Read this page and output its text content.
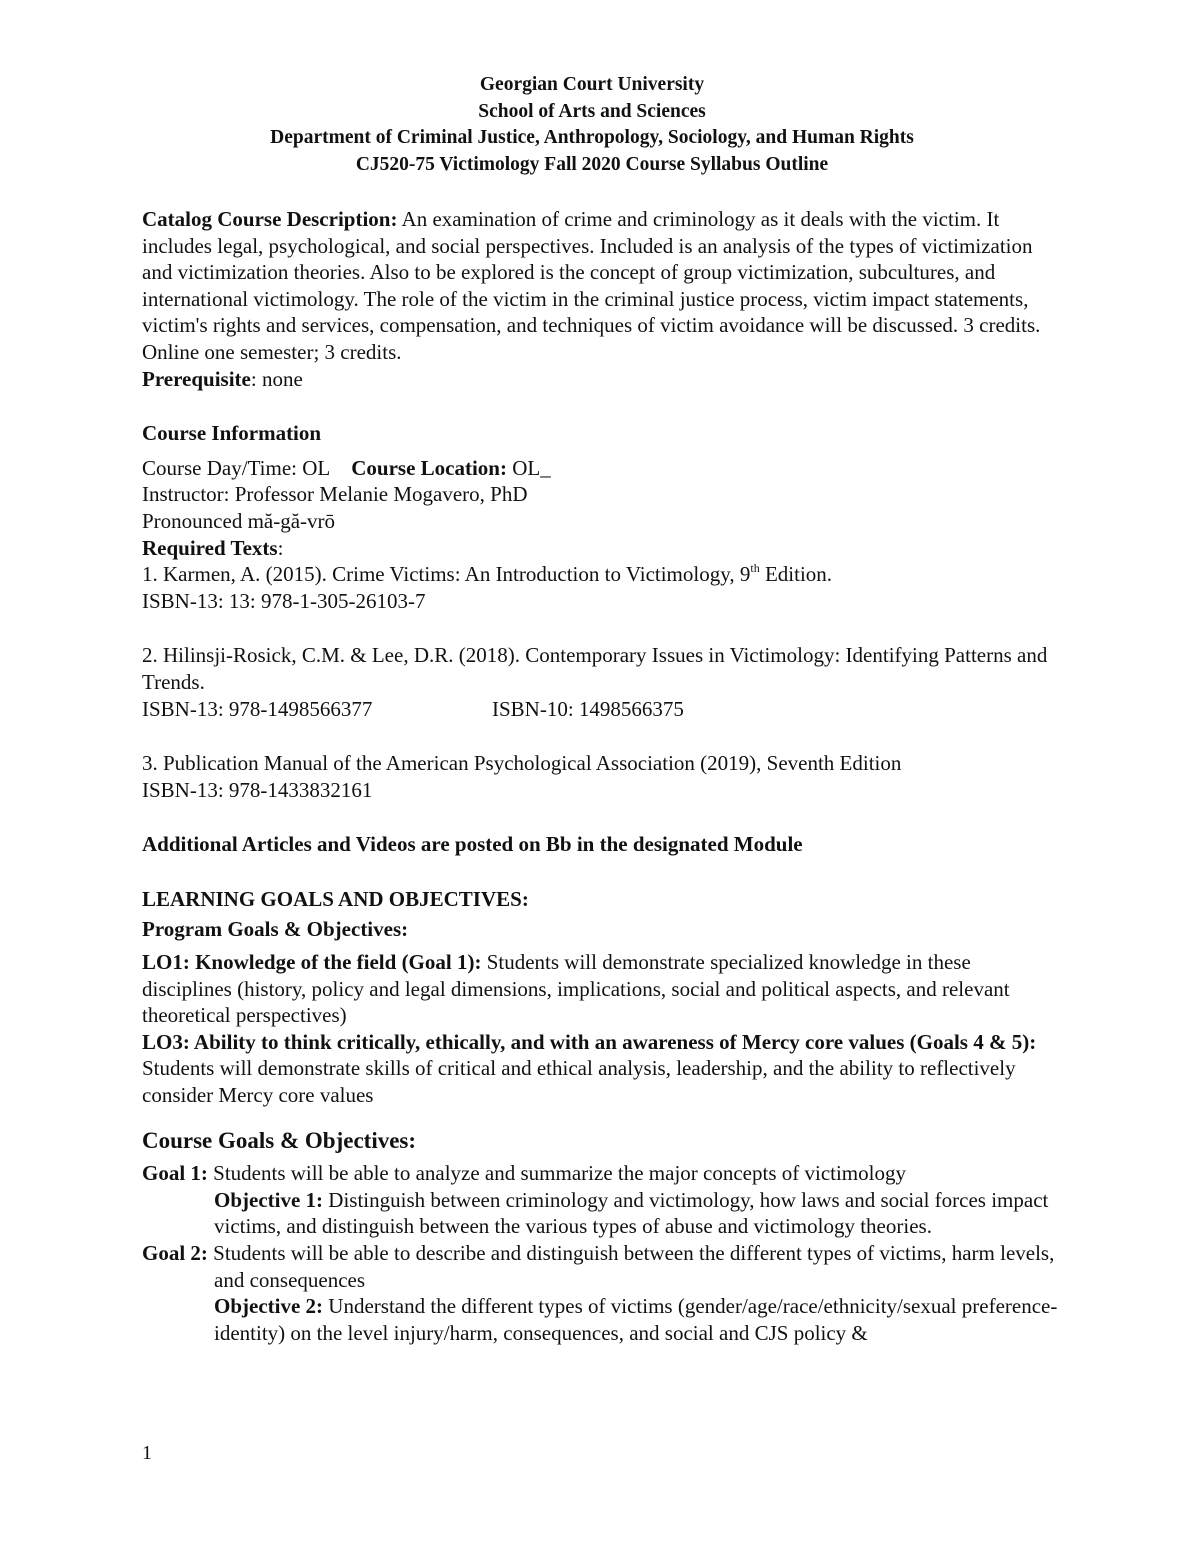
Georgian Court University
School of Arts and Sciences
Department of Criminal Justice, Anthropology, Sociology, and Human Rights
CJ520-75 Victimology Fall 2020 Course Syllabus Outline

Catalog Course Description: An examination of crime and criminology as it deals with the victim. It includes legal, psychological, and social perspectives. Included is an analysis of the types of victimization and victimization theories. Also to be explored is the concept of group victimization, subcultures, and international victimology. The role of the victim in the criminal justice process, victim impact statements, victim's rights and services, compensation, and techniques of victim avoidance will be discussed. 3 credits. Online one semester; 3 credits.

Prerequisite: none

Course Information

Course Day/Time: OL Course Location: OL_

Instructor: Professor Melanie Mogavero, PhD

Pronounced mă-gă-vrō

Required Texts:

1. Karmen, A. (2015). Crime Victims: An Introduction to Victimology, 9th Edition.

ISBN-13: 13: 978-1-305-26103-7

2. Hilinsji-Rosick, C.M. & Lee, D.R. (2018). Contemporary Issues in Victimology: Identifying Patterns and Trends.

ISBN-13: 978-1498566377	ISBN-10: 1498566375

3. Publication Manual of the American Psychological Association (2019), Seventh Edition

ISBN-13: 978-1433832161

Additional Articles and Videos are posted on Bb in the designated Module

LEARNING GOALS AND OBJECTIVES:

Program Goals & Objectives:

LO1: Knowledge of the field (Goal 1): Students will demonstrate specialized knowledge in these disciplines (history, policy and legal dimensions, implications, social and political aspects, and relevant theoretical perspectives)

LO3: Ability to think critically, ethically, and with an awareness of Mercy core values (Goals 4 & 5): Students will demonstrate skills of critical and ethical analysis, leadership, and the ability to reflectively consider Mercy core values

Course Goals & Objectives:

Goal 1: Students will be able to analyze and summarize the major concepts of victimology

Objective 1: Distinguish between criminology and victimology, how laws and social forces impact victims, and distinguish between the various types of abuse and victimology theories.

Goal 2: Students will be able to describe and distinguish between the different types of victims, harm levels, and consequences

Objective 2: Understand the different types of victims (gender/age/race/ethnicity/sexual preference-identity) on the level injury/harm, consequences, and social and CJS policy &

1
